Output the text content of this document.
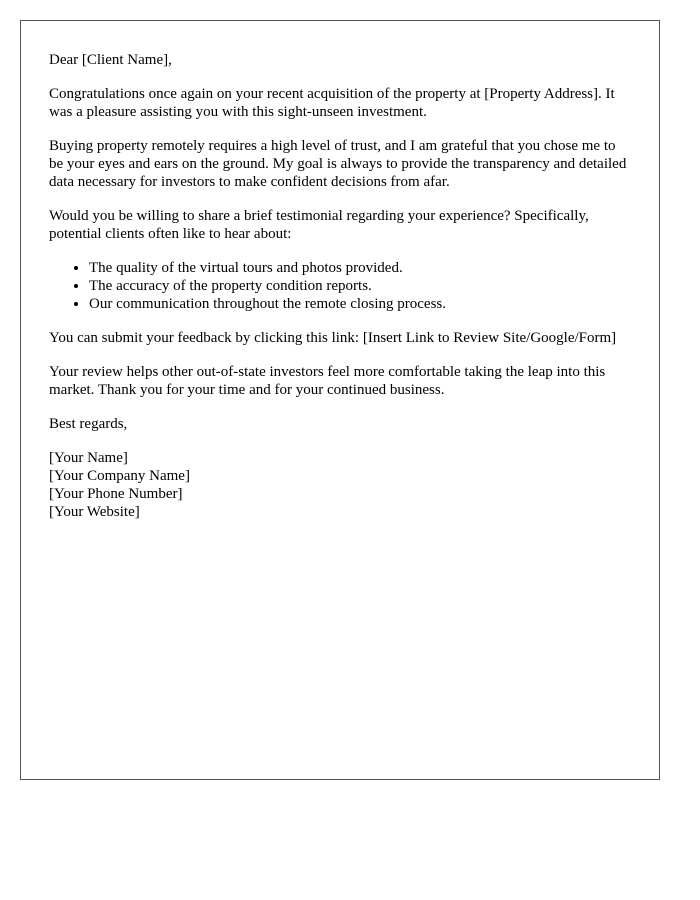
Dear [Client Name],

Congratulations once again on your recent acquisition of the property at [Property Address]. It was a pleasure assisting you with this sight-unseen investment.

Buying property remotely requires a high level of trust, and I am grateful that you chose me to be your eyes and ears on the ground. My goal is always to provide the transparency and detailed data necessary for investors to make confident decisions from afar.

Would you be willing to share a brief testimonial regarding your experience? Specifically, potential clients often like to hear about:

• The quality of the virtual tours and photos provided.
• The accuracy of the property condition reports.
• Our communication throughout the remote closing process.

You can submit your feedback by clicking this link: [Insert Link to Review Site/Google/Form]

Your review helps other out-of-state investors feel more comfortable taking the leap into this market. Thank you for your time and for your continued business.

Best regards,

[Your Name]
[Your Company Name]
[Your Phone Number]
[Your Website]
